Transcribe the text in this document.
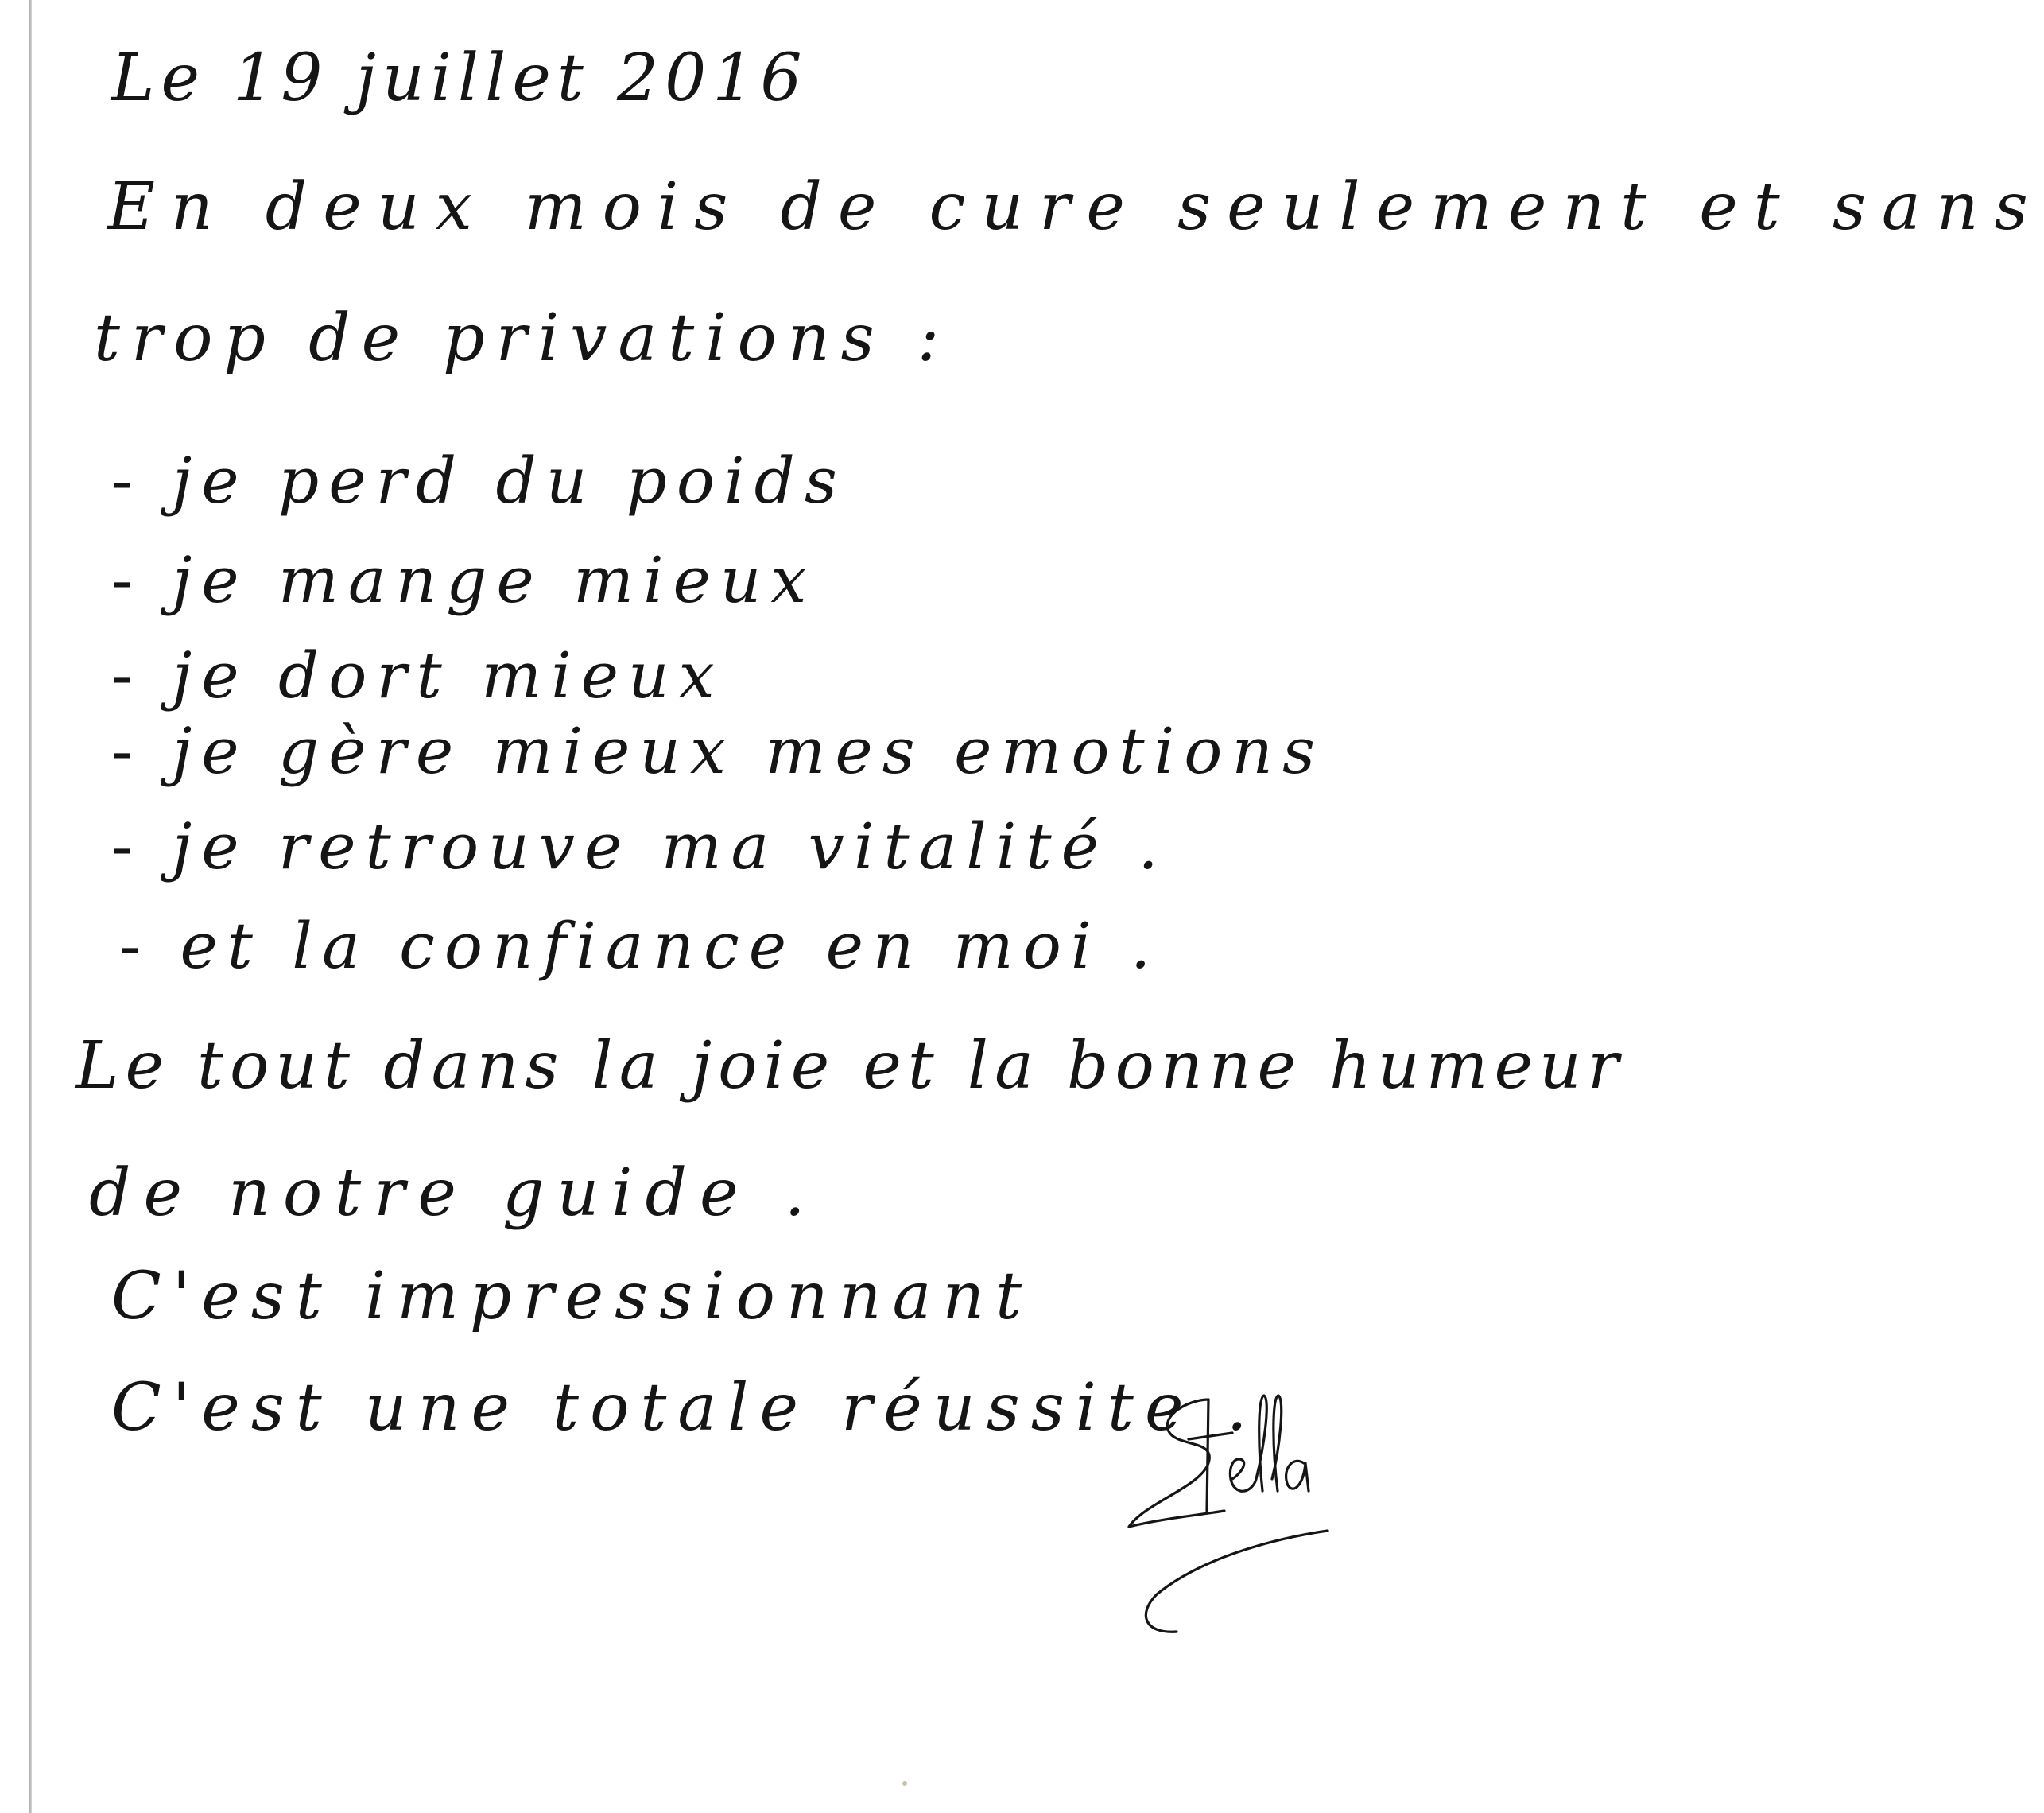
Le 19 juillet 2016
En deux mois de cure seulement et sans
trop de privations :
- je perd du poids
- je mange mieux
- je dort mieux
- je gère mieux mes emotions
- je retrouve ma vitalité .
- et la confiance en moi .
Le tout dans la joie et la bonne humeur
de notre guide .
C'est impressionnant
C'est une totale réussite .
